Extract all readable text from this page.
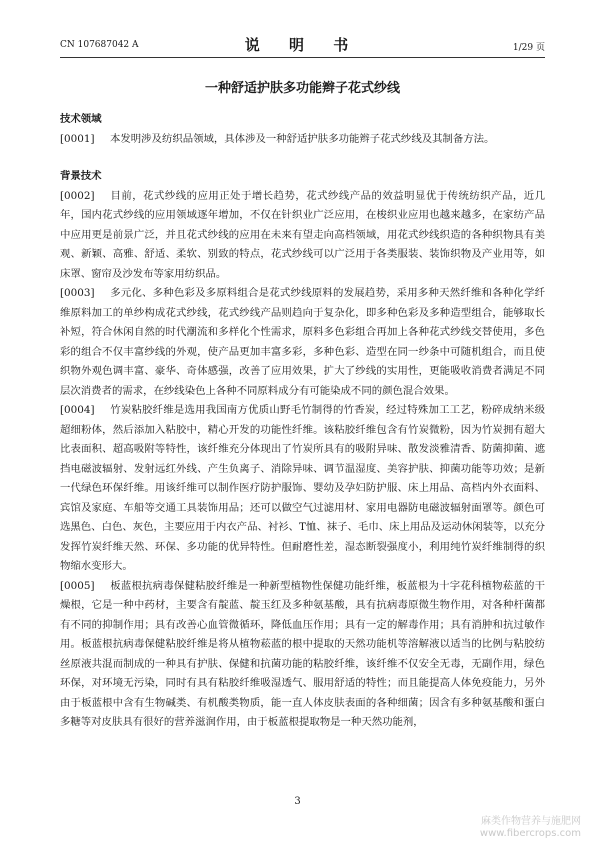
CN 107687042 A	说 明 书	1/29 页
一种舒适护肤多功能辫子花式纱线
技术领域

[0001] 本发明涉及纺织品领域，具体涉及一种舒适护肤多功能辫子花式纱线及其制备方法。

背景技术

[0002] 目前，花式纱线的应用正处于增长趋势，花式纱线产品的效益明显优于传统纺织产品，近几年，国内花式纱线的应用领域逐年增加，不仅在针织业广泛应用，在梭织业应用也越来越多，在家纺产品中应用更是前景广泛，并且花式纱线的应用在未来有望走向高档领域，用花式纱线织造的各种织物具有美观、新颖、高雅、舒适、柔软、别致的特点，花式纱线可以广泛用于各类服装、装饰织物及产业用等，如床罩、窗帘及沙发布等家用纺织品。

[0003] 多元化、多种色彩及多原料组合是花式纱线原料的发展趋势，采用多种天然纤维和各种化学纤维原料加工的单纱构成花式纱线，花式纱线产品则趋向于复杂化，即多种色彩及多种造型组合，能够取长补短，符合休闲自然的时代潮流和多样化个性需求，原料多色彩组合再加上各种花式纱线交替使用，多色彩的组合不仅丰富纱线的外观，使产品更加丰富多彩，多种色彩、造型在同一纱条中可随机组合，而且使织物外观色调丰富、豪华、奇体感强，改善了应用效果，扩大了纱线的实用性，更能吸收消费者满足不同层次消费者的需求，在纱线染色上各种不同原料成分有可能染成不同的颜色混合效果。

[0004] 竹炭粘胶纤维是选用我国南方优质山野毛竹制得的竹香炭，经过特殊加工工艺，粉碎成纳米级超细粉体，然后添加入粘胶中，精心开发的功能性纤维。该粘胶纤维包含有竹炭微粉，因为竹炭拥有超大比表面积、超高吸附等特性，该纤维充分体现出了竹炭所具有的吸附异味、散发淡雅清香、防菌抑菌、遮挡电磁波辐射、发射远红外线、产生负离子、消除异味、调节温湿度、美容护肤、抑菌功能等功效；是新一代绿色环保纤维。用该纤维可以制作医疗防护服饰、婴幼及孕妇防护服、床上用品、高档内外衣面料、宾馆及家庭、车船等交通工具装饰用品；还可以做空气过滤用材、家用电器防电磁波辐射面罩等。颜色可选黑色、白色、灰色，主要应用于内衣产品、衬衫、T恤、袜子、毛巾、床上用品及运动休闲装等，以充分发挥竹炭纤维天然、环保、多功能的优异特性。但耐磨性差，湿态断裂强度小，利用纯竹炭纤维制得的织物缩水变形大。

[0005] 板蓝根抗病毒保健粘胶纤维是一种新型植物性保健功能纤维，板蓝根为十字花科植物菘蓝的干燥根，它是一种中药材，主要含有靛蓝、靛玉红及多种氨基酸，具有抗病毒原微生物作用，对各种杆菌都有不同的抑制作用；具有改善心血管微循环，降低血压作用；具有一定的解毒作用；具有消肿和抗过敏作用。板蓝根抗病毒保健粘胶纤维是将从植物菘蓝的根中提取的天然功能机等溶解液以适当的比例与粘胶纺丝原液共混而制成的一种具有护肤、保健和抗菌功能的粘胶纤维，该纤维不仅安全无毒，无副作用，绿色环保，对环境无污染，同时有具有粘胶纤维吸湿透气、服用舒适的特性；而且能提高人体免疫能力，另外由于板蓝根中含有生物碱类、有机酸类物质，能一直人体皮肤表面的各种细菌；因含有多种氨基酸和蛋白多糖等对皮肤具有很好的营养滋润作用，由于板蓝根提取物是一种天然功能剂，

3
麻类作物营养与施肥网
www.fibercrops.com
